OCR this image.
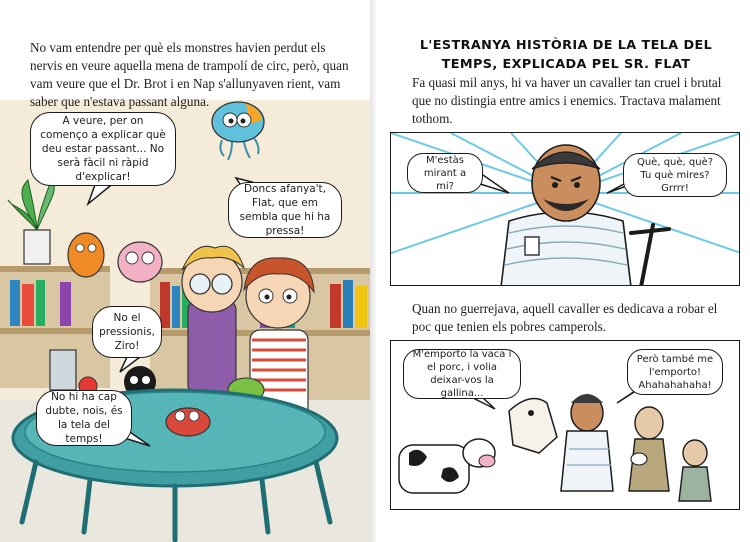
No vam entendre per què els monstres havien perdut els nervis en veure aquella mena de trampolí de circ, però, quan vam veure que el Dr. Brot i en Nap s'allunyaven rient, vam saber que n'estava passant alguna.

A veure, per on començo a explicar què deu estar passant... No serà fàcil ni ràpid d'explicar!
Doncs afanya't, Flat, que em sembla que hi ha pressa!
No el pressionis, Ziro!
No hi ha cap dubte, nois, és la tela del temps!
L'ESTRANYA HISTÒRIA DE LA TELA DEL TEMPS, EXPLICADA PEL SR. FLAT

Fa quasi mil anys, hi va haver un cavaller tan cruel i brutal que no distingia entre amics i enemics. Tractava malament tothom.

M'estàs mirant a mi?
Què, què, què? Tu què mires? Grrrr!

Quan no guerrejava, aquell cavaller es dedicava a robar el poc que tenien els pobres camperols.

M'emporto la vaca i el porc, i volia deixar-vos la gallina...
Però també me l'emporto! Ahahahahaha!
